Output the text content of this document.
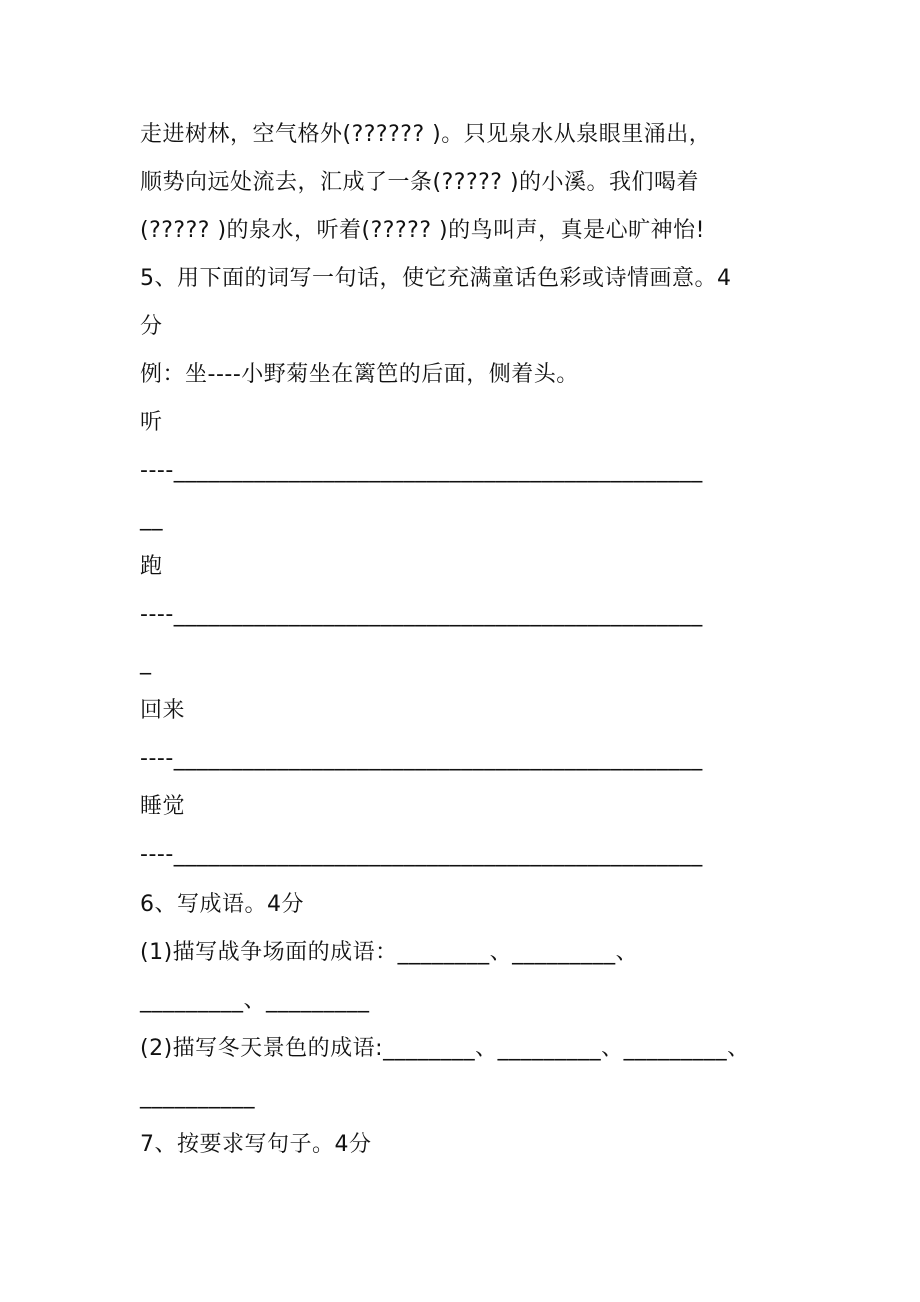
走进树林，空气格外(?????? )。只见泉水从泉眼里涌出，
顺势向远处流去，汇成了一条(????? )的小溪。我们喝着
(????? )的泉水，听着(????? )的鸟叫声，真是心旷神怡!
5、用下面的词写一句话，使它充满童话色彩或诗情画意。4
分
例：坐----小野菊坐在篱笆的后面，侧着头。
听
----______________________________________________
__
跑
----______________________________________________
_
回来
----______________________________________________
睡觉
----______________________________________________
6、写成语。4分
(1)描写战争场面的成语：________、_________、
_________、_________
(2)描写冬天景色的成语:________、_________、_________、
__________
7、按要求写句子。4分
